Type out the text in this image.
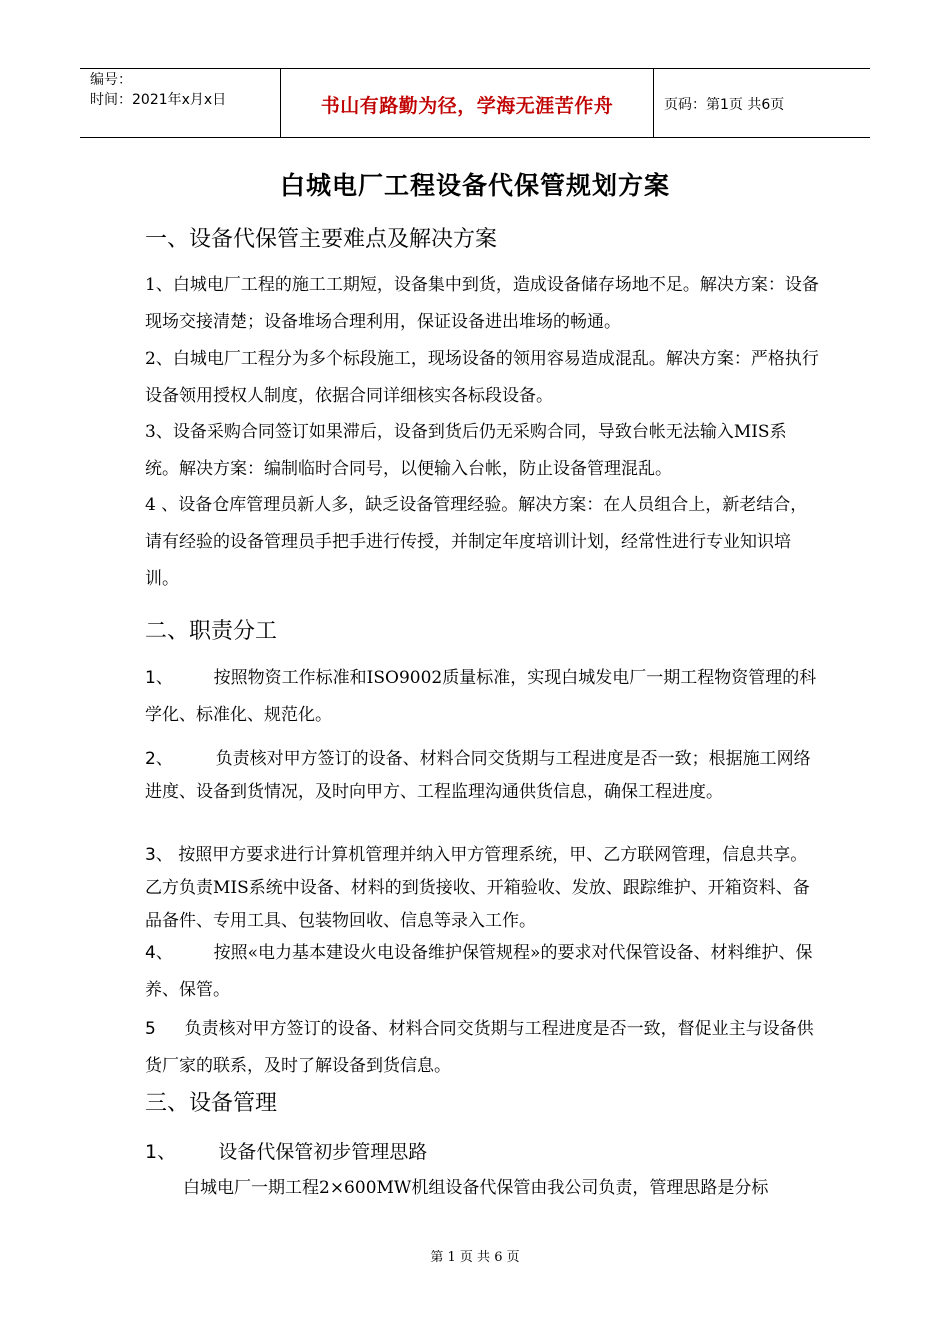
编号：
时间：2021年x月x日	书山有路勤为径，学海无涯苦作舟	页码：第1页 共6页
白城电厂工程设备代保管规划方案
一、设备代保管主要难点及解决方案
1、白城电厂工程的施工工期短，设备集中到货，造成设备储存场地不足。解决方案：设备现场交接清楚；设备堆场合理利用，保证设备进出堆场的畅通。
2、白城电厂工程分为多个标段施工，现场设备的领用容易造成混乱。解决方案：严格执行设备领用授权人制度，依据合同详细核实各标段设备。
3、设备采购合同签订如果滞后，设备到货后仍无采购合同，导致台帐无法输入MIS系统。解决方案：编制临时合同号，以便输入台帐，防止设备管理混乱。
4 、设备仓库管理员新人多，缺乏设备管理经验。解决方案：在人员组合上，新老结合，请有经验的设备管理员手把手进行传授，并制定年度培训计划，经常性进行专业知识培训。
二、职责分工
1、 按照物资工作标准和ISO9002质量标准，实现白城发电厂一期工程物资管理的科学化、标准化、规范化。
2、	负责核对甲方签订的设备、材料合同交货期与工程进度是否一致；根据施工网络进度、设备到货情况，及时向甲方、工程监理沟通供货信息，确保工程进度。
3、 按照甲方要求进行计算机管理并纳入甲方管理系统，甲、乙方联网管理，信息共享。乙方负责MIS系统中设备、材料的到货接收、开箱验收、发放、跟踪维护、开箱资料、备品备件、专用工具、包装物回收、信息等录入工作。
4、 按照«电力基本建设火电设备维护保管规程»的要求对代保管设备、材料维护、保养、保管。
5 负责核对甲方签订的设备、材料合同交货期与工程进度是否一致，督促业主与设备供货厂家的联系，及时了解设备到货信息。
三、设备管理
1、 设备代保管初步管理思路
白城电厂一期工程2×600MW机组设备代保管由我公司负责，管理思路是分标
第 1 页 共 6 页
